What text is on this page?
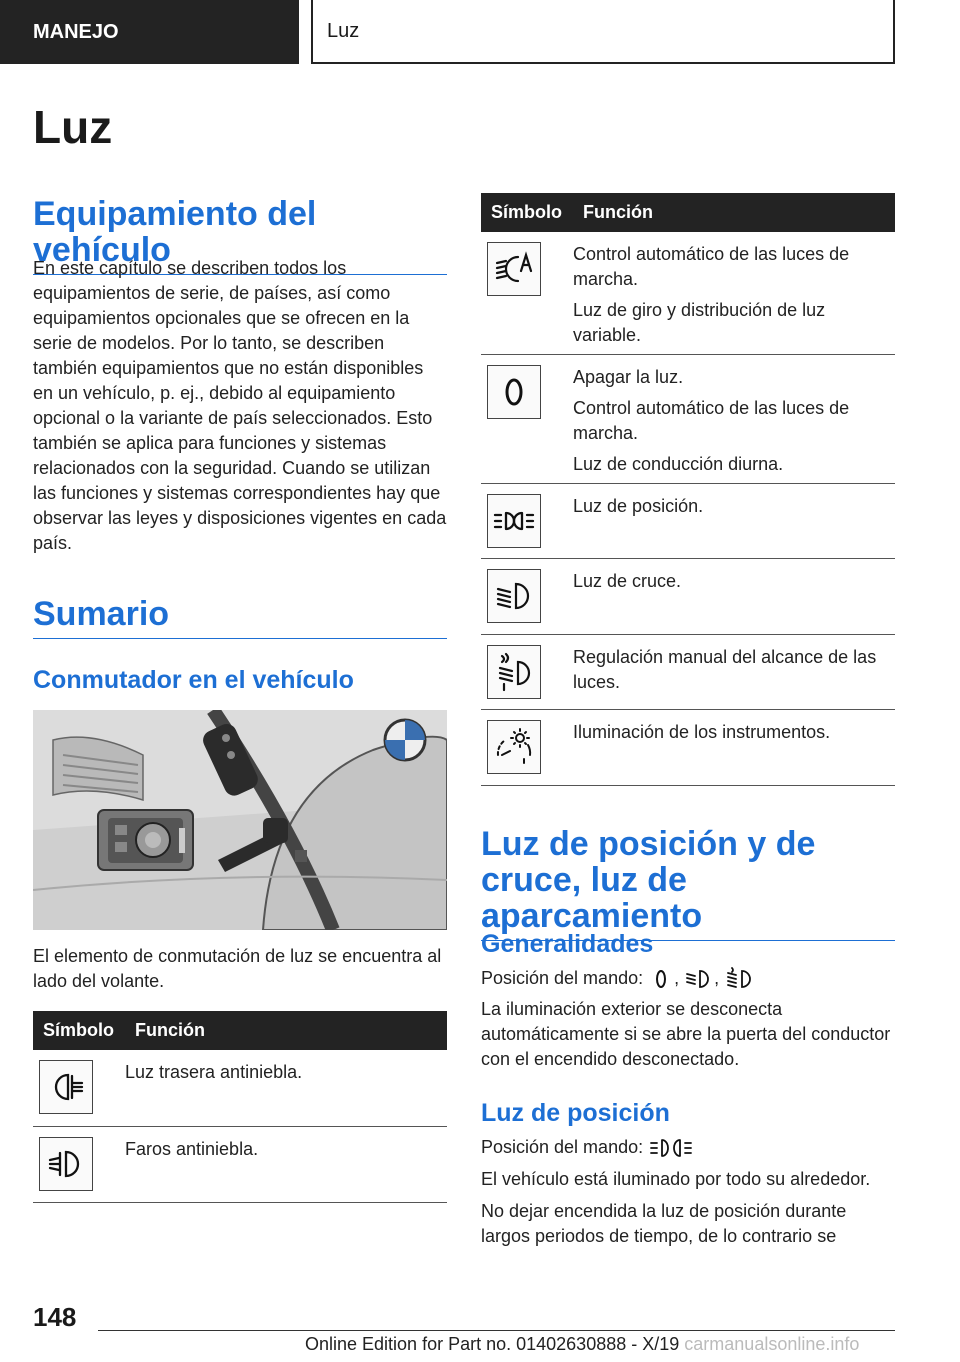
MANEJO	Luz
Luz
Equipamiento del vehículo

En este capítulo se describen todos los equipamientos de serie, de países, así como equipamientos opcionales que se ofrecen en la serie de modelos. Por lo tanto, se describen también equipamientos que no están disponibles en un vehículo, p. ej., debido al equipamiento opcional o la variante de país seleccionados. Esto también se aplica para funciones y sistemas relacionados con la seguridad. Cuando se utilizan las funciones y sistemas correspondientes hay que observar las leyes y disposiciones vigentes en cada país.

Sumario
Conmutador en el vehículo

El elemento de conmutación de luz se encuentra al lado del volante.

Símbolo	Función

Luz trasera antiniebla.

Faros antiniebla.
Símbolo	Función

Control automático de las luces de marcha.
Luz de giro y distribución de luz variable.

Apagar la luz.
Control automático de las luces de marcha.
Luz de conducción diurna.

Luz de posición.

Luz de cruce.

Regulación manual del alcance de las luces.

Iluminación de los instrumentos.
Luz de posición y de cruce, luz de aparcamiento
Generalidades

Posición del mando: , ,

La iluminación exterior se desconecta automáticamente si se abre la puerta del conductor con el encendido desconectado.

Luz de posición

Posición del mando:

El vehículo está iluminado por todo su alrededor.

No dejar encendida la luz de posición durante largos periodos de tiempo, de lo contrario se

148
Online Edition for Part no. 01402630888 - X/19 carmanualsonline.info
